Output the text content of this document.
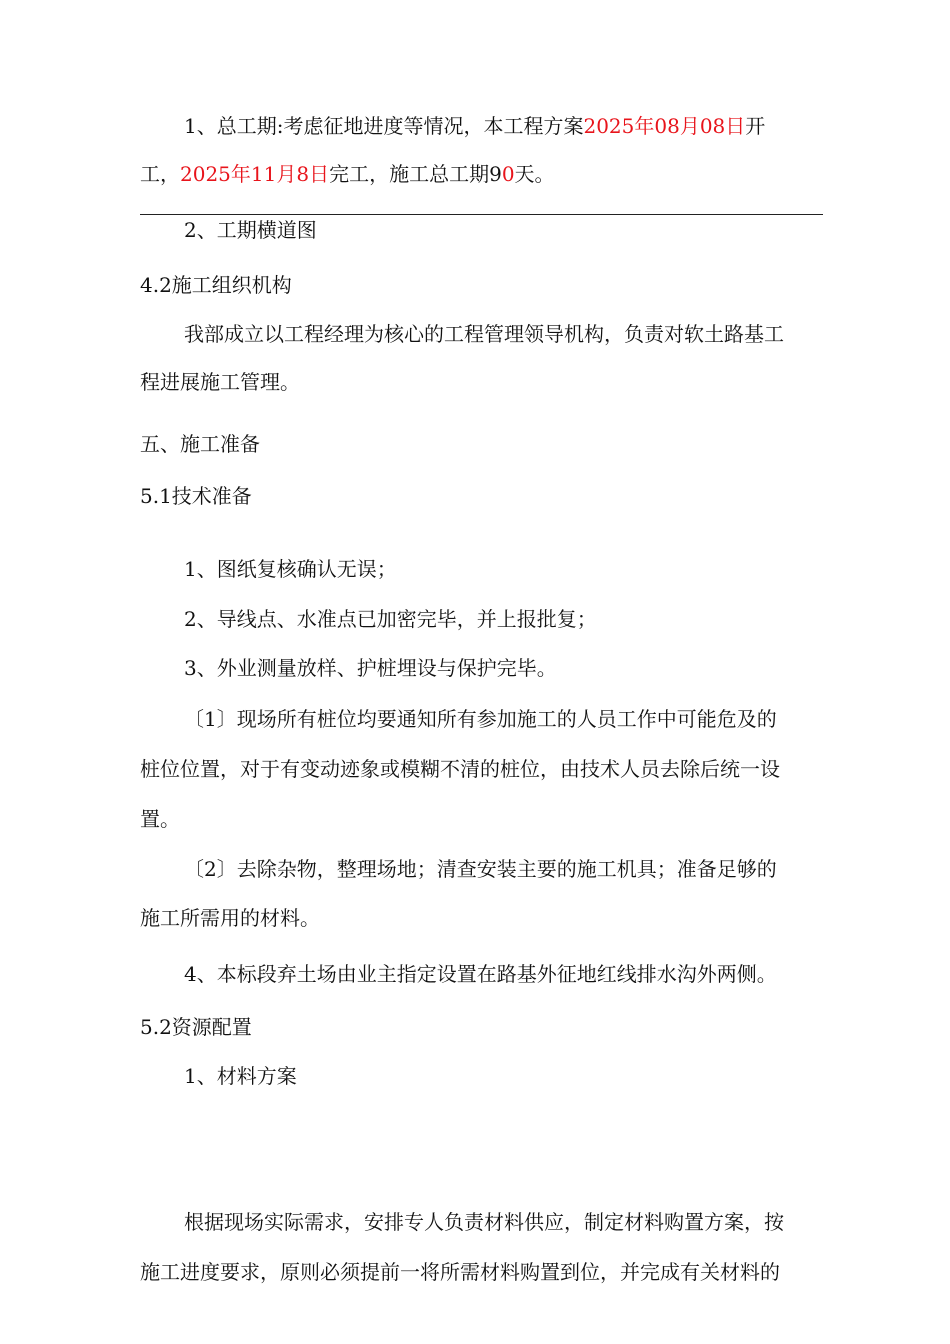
1、总工期:考虑征地进度等情况，本工程方案2025年08月08日开
工，2025年11月8日完工，施工总工期90天。
2、工期横道图
4.2施工组织机构
我部成立以工程经理为核心的工程管理领导机构，负责对软土路基工
程进展施工管理。
五、施工准备
5.1技术准备
1、图纸复核确认无误；
2、导线点、水准点已加密完毕，并上报批复；
3、外业测量放样、护桩埋设与保护完毕。
〔1〕现场所有桩位均要通知所有参加施工的人员工作中可能危及的
桩位位置，对于有变动迹象或模糊不清的桩位，由技术人员去除后统一设
置。
〔2〕去除杂物，整理场地；清查安装主要的施工机具；准备足够的
施工所需用的材料。
4、本标段弃土场由业主指定设置在路基外征地红线排水沟外两侧。
5.2资源配置
1、材料方案
根据现场实际需求，安排专人负责材料供应，制定材料购置方案，按
施工进度要求，原则必须提前一将所需材料购置到位，并完成有关材料的
